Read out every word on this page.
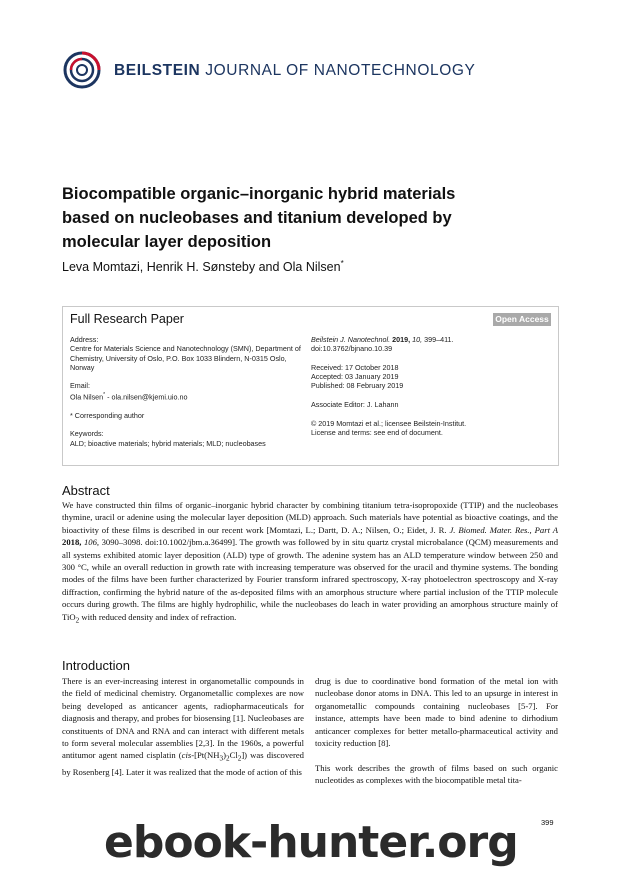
BEILSTEIN JOURNAL OF NANOTECHNOLOGY
Biocompatible organic–inorganic hybrid materials based on nucleobases and titanium developed by molecular layer deposition
Leva Momtazi, Henrik H. Sønsteby and Ola Nilsen*
Full Research Paper	Open Access

Address:

Centre for Materials Science and Nanotechnology (SMN), Department of Chemistry, University of Oslo, P.O. Box 1033 Blindern, N-0315 Oslo, Norway

Email:

Ola Nilsen* - ola.nilsen@kjemi.uio.no

* Corresponding author

Keywords:

ALD; bioactive materials; hybrid materials; MLD; nucleobases

Beilstein J. Nanotechnol. 2019, 10, 399–411.

doi:10.3762/bjnano.10.39

Received: 17 October 2018

Accepted: 03 January 2019

Published: 08 February 2019

Associate Editor: J. Lahann

© 2019 Momtazi et al.; licensee Beilstein-Institut.

License and terms: see end of document.

Abstract
We have constructed thin films of organic–inorganic hybrid character by combining titanium tetra-isopropoxide (TTIP) and the nucleobases thymine, uracil or adenine using the molecular layer deposition (MLD) approach. Such materials have potential as bioactive coatings, and the bioactivity of these films is described in our recent work [Momtazi, L.; Dartt, D. A.; Nilsen, O.; Eidet, J. R. J. Biomed. Mater. Res., Part A 2018, 106, 3090–3098. doi:10.1002/jbm.a.36499]. The growth was followed by in situ quartz crystal microbalance (QCM) measurements and all systems exhibited atomic layer deposition (ALD) type of growth. The adenine system has an ALD temperature window between 250 and 300 °C, while an overall reduction in growth rate with increasing temperature was observed for the uracil and thymine systems. The bonding modes of the films have been further characterized by Fourier transform infrared spectroscopy, X-ray photoelectron spectroscopy and X-ray diffraction, confirming the hybrid nature of the as-deposited films with an amorphous structure where partial inclusion of the TTIP molecule occurs during growth. The films are highly hydrophilic, while the nucleobases do leach in water providing an amorphous structure mainly of TiO$_2$ with reduced density and index of refraction.
Introduction

There is an ever-increasing interest in organometallic compounds in the field of medicinal chemistry. Organometallic complexes are now being developed as anticancer agents, radiopharmaceuticals for diagnosis and therapy, and probes for biosensing [1]. Nucleobases are constituents of DNA and RNA and can interact with different metals to form several molecular assemblies [2,3]. In the 1960s, a powerful antitumor agent named cisplatin $(cis-[Pt(NH_3)_2Cl_2])$ was discovered by Rosenberg [4]. Later it was realized that the mode of action of this

drug is due to coordinative bond formation of the metal ion with nucleobase donor atoms in DNA. This led to an upsurge in interest in organometallic compounds containing nucleobases [5-7]. For instance, attempts have been made to bind adenine to dirhodium anticancer complexes for better metallo-pharmaceutical activity and toxicity reduction [8].

This work describes the growth of films based on such organic nucleotides as complexes with the biocompatible metal tita-

399
ebook-hunter.org
